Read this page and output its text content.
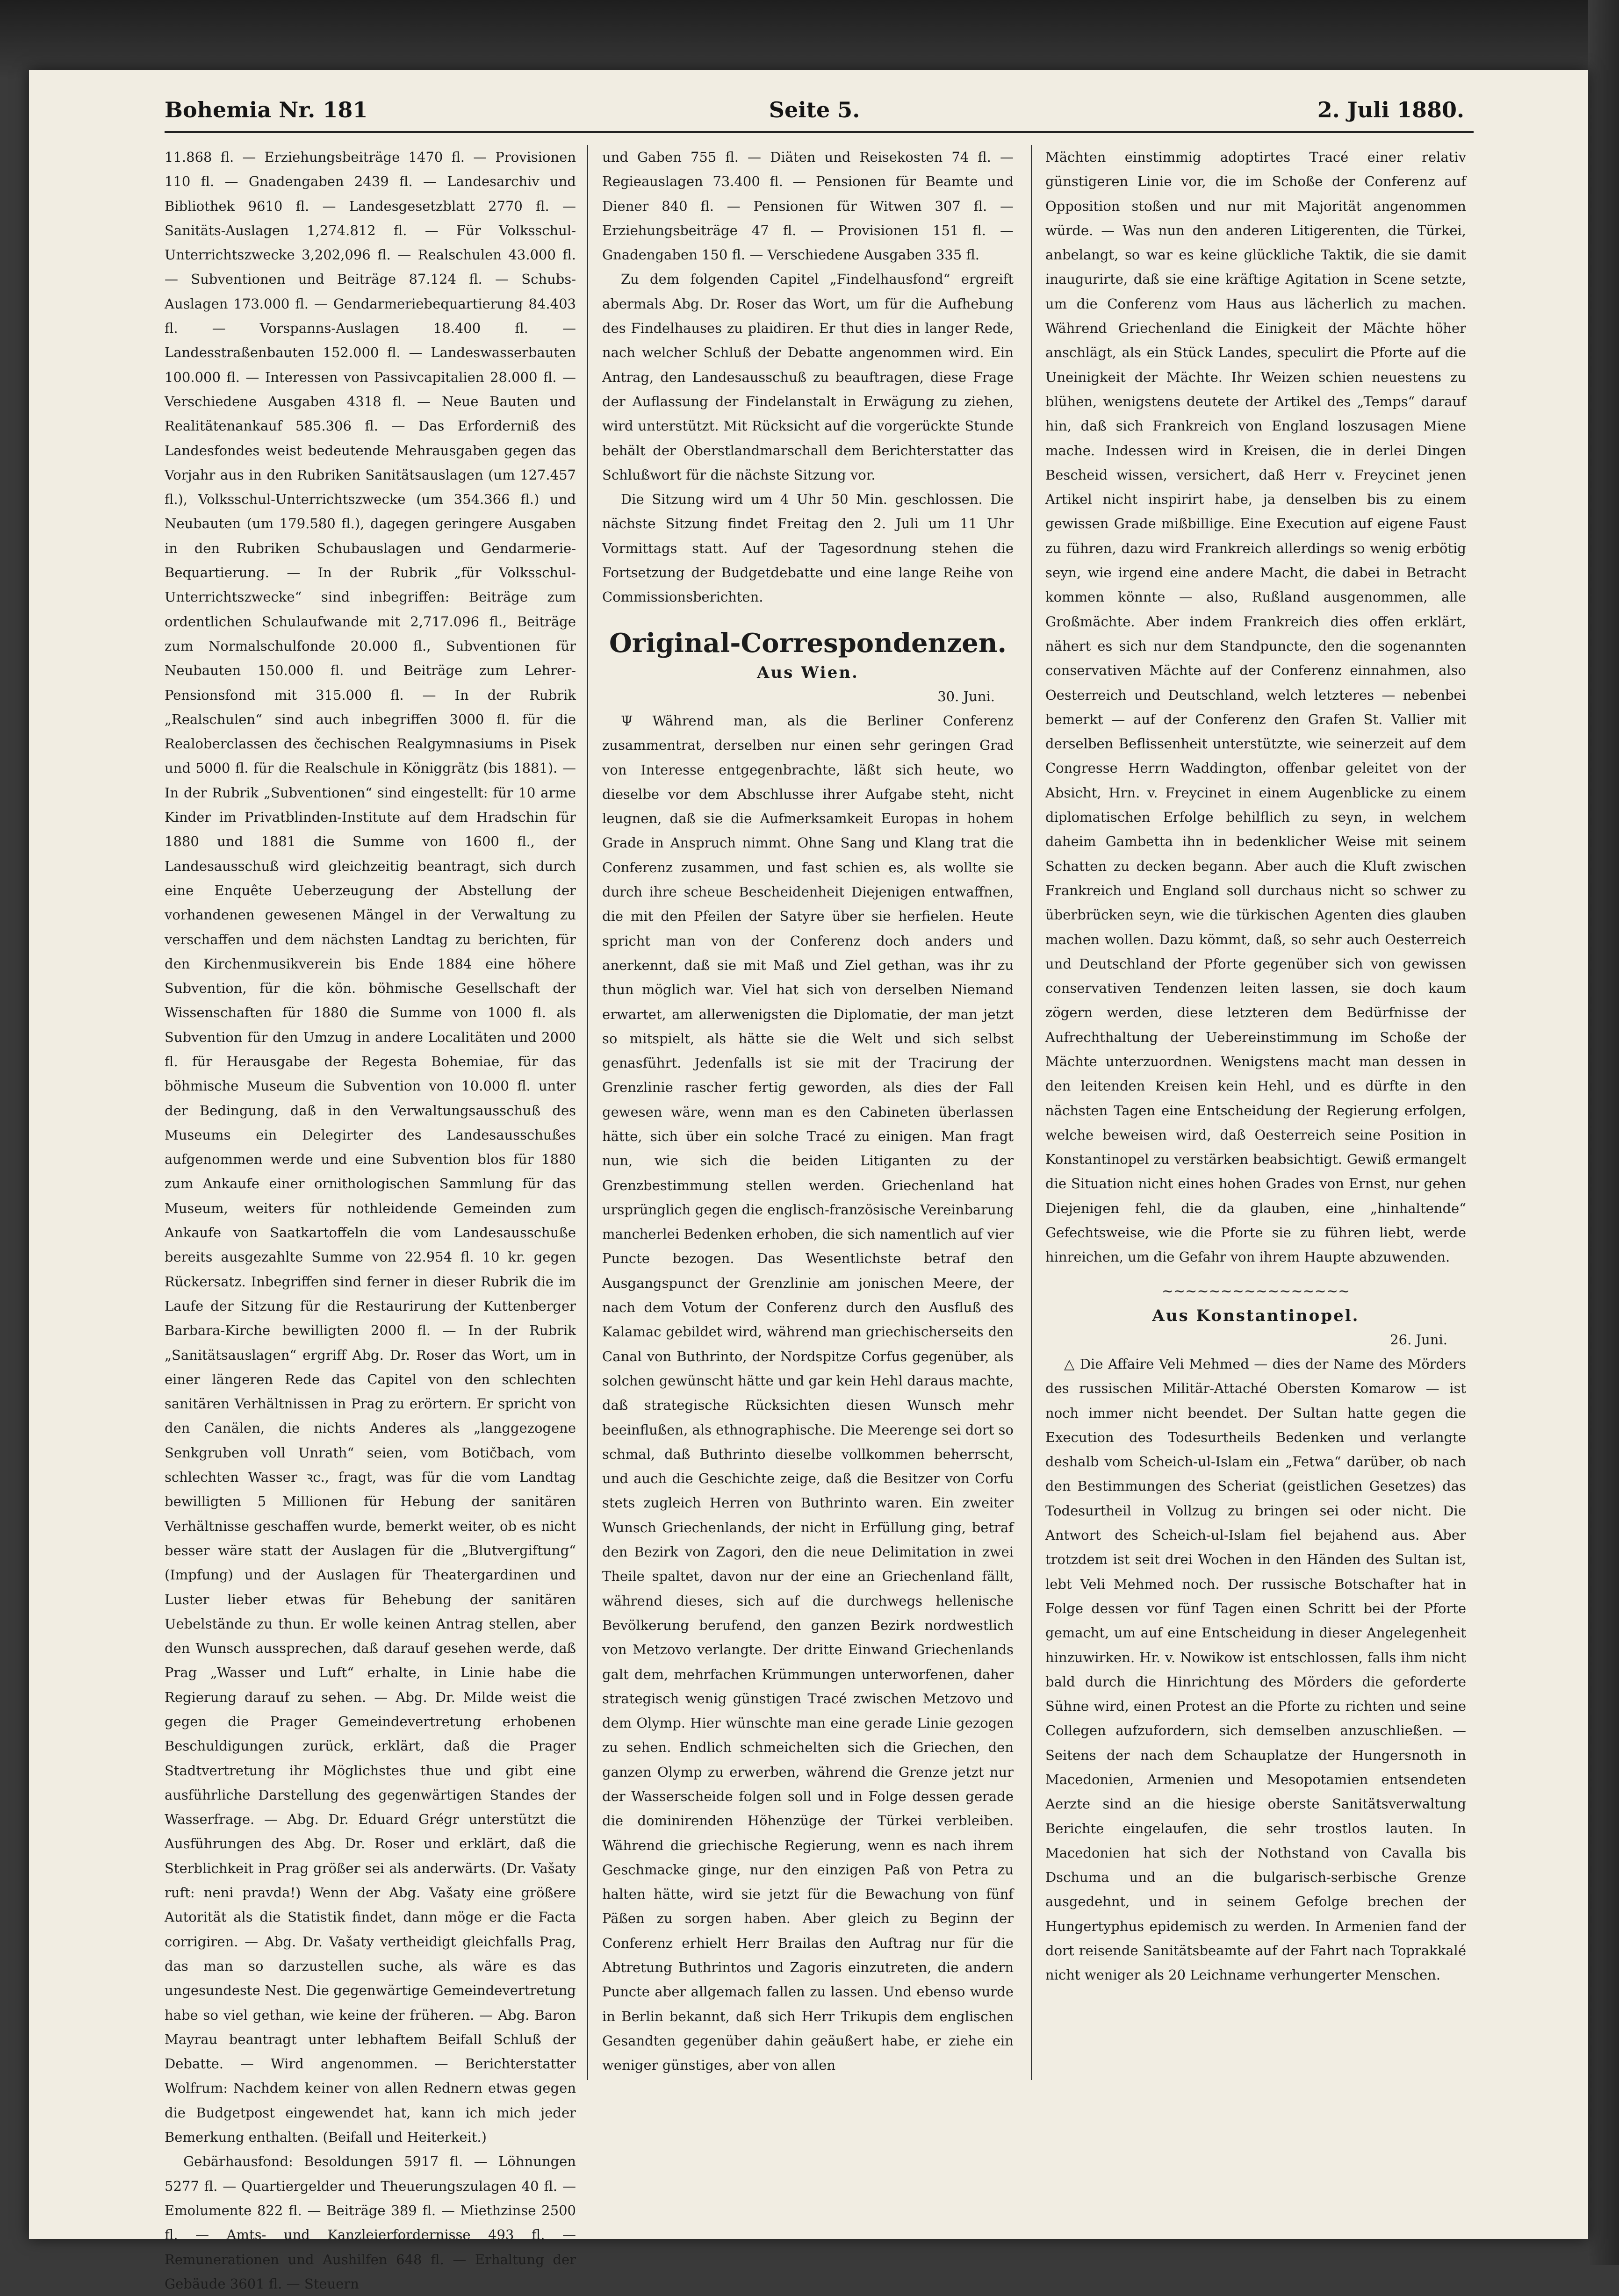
Bohemia Nr. 181	Seite 5.	2. Juli 1880.

11.868 fl. — Erziehungsbeiträge 1470 fl. — Provisionen 110 fl. — Gnadengaben 2439 fl. — Landesarchiv und Bibliothek 9610 fl. — Landesgesetzblatt 2770 fl. — Sanitäts-Auslagen 1,274.812 fl. — Für Volksschul-Unterrichtszwecke 3,202,096 fl. — Realschulen 43.000 fl. — Subventionen und Beiträge 87.124 fl. — Schubs-Auslagen 173.000 fl. — Gendarmeriebequartierung 84.403 fl. — Vorspanns-Auslagen 18.400 fl. — Landesstraßenbauten 152.000 fl. — Landeswasserbauten 100.000 fl. — Interessen von Passivcapitalien 28.000 fl. — Verschiedene Ausgaben 4318 fl. — Neue Bauten und Realitätenankauf 585.306 fl. — Das Erforderniß des Landesfondes weist bedeutende Mehrausgaben gegen das Vorjahr aus in den Rubriken Sanitätsauslagen (um 127.457 fl.), Volksschul-Unterrichtszwecke (um 354.366 fl.) und Neubauten (um 179.580 fl.), dagegen geringere Ausgaben in den Rubriken Schubauslagen und Gendarmerie-Bequartierung. — In der Rubrik „für Volksschul-Unterrichtszwecke“ sind inbegriffen: Beiträge zum ordentlichen Schulaufwande mit 2,717.096 fl., Beiträge zum Normalschulfonde 20.000 fl., Subventionen für Neubauten 150.000 fl. und Beiträge zum Lehrer-Pensionsfond mit 315.000 fl. — In der Rubrik „Realschulen“ sind auch inbegriffen 3000 fl. für die Realoberclassen des čechischen Realgymnasiums in Pisek und 5000 fl. für die Realschule in Königgrätz (bis 1881). — In der Rubrik „Subventionen“ sind eingestellt: für 10 arme Kinder im Privatblinden-Institute auf dem Hradschin für 1880 und 1881 die Summe von 1600 fl., der Landesausschuß wird gleichzeitig beantragt, sich durch eine Enquête Ueberzeugung der Abstellung der vorhandenen gewesenen Mängel in der Verwaltung zu verschaffen und dem nächsten Landtag zu berichten, für den Kirchenmusikverein bis Ende 1884 eine höhere Subvention, für die kön. böhmische Gesellschaft der Wissenschaften für 1880 die Summe von 1000 fl. als Subvention für den Umzug in andere Localitäten und 2000 fl. für Herausgabe der Regesta Bohemiae, für das böhmische Museum die Subvention von 10.000 fl. unter der Bedingung, daß in den Verwaltungsausschuß des Museums ein Delegirter des Landesausschußes aufgenommen werde und eine Subvention blos für 1880 zum Ankaufe einer ornithologischen Sammlung für das Museum, weiters für nothleidende Gemeinden zum Ankaufe von Saatkartoffeln die vom Landesausschuße bereits ausgezahlte Summe von 22.954 fl. 10 kr. gegen Rückersatz. Inbegriffen sind ferner in dieser Rubrik die im Laufe der Sitzung für die Restaurirung der Kuttenberger Barbara-Kirche bewilligten 2000 fl. — In der Rubrik „Sanitätsauslagen“ ergriff Abg. Dr. Roser das Wort, um in einer längeren Rede das Capitel von den schlechten sanitären Verhältnissen in Prag zu erörtern. Er spricht von den Canälen, die nichts Anderes als „langgezogene Senkgruben voll Unrath“ seien, vom Botičbach, vom schlechten Wasser ꝛc., fragt, was für die vom Landtag bewilligten 5 Millionen für Hebung der sanitären Verhältnisse geschaffen wurde, bemerkt weiter, ob es nicht besser wäre statt der Auslagen für die „Blutvergiftung“ (Impfung) und der Auslagen für Theatergardinen und Luster lieber etwas für Behebung der sanitären Uebelstände zu thun. Er wolle keinen Antrag stellen, aber den Wunsch aussprechen, daß darauf gesehen werde, daß Prag „Wasser und Luft“ erhalte, in Linie habe die Regierung darauf zu sehen. — Abg. Dr. Milde weist die gegen die Prager Gemeindevertretung erhobenen Beschuldigungen zurück, erklärt, daß die Prager Stadtvertretung ihr Möglichstes thue und gibt eine ausführliche Darstellung des gegenwärtigen Standes der Wasserfrage. — Abg. Dr. Eduard Grégr unterstützt die Ausführungen des Abg. Dr. Roser und erklärt, daß die Sterblichkeit in Prag größer sei als anderwärts. (Dr. Vašaty ruft: neni pravda!) Wenn der Abg. Vašaty eine größere Autorität als die Statistik findet, dann möge er die Facta corrigiren. — Abg. Dr. Vašaty vertheidigt gleichfalls Prag, das man so darzustellen suche, als wäre es das ungesundeste Nest. Die gegenwärtige Gemeindevertretung habe so viel gethan, wie keine der früheren. — Abg. Baron Mayrau beantragt unter lebhaftem Beifall Schluß der Debatte. — Wird angenommen. — Berichterstatter Wolfrum: Nachdem keiner von allen Rednern etwas gegen die Budgetpost eingewendet hat, kann ich mich jeder Bemerkung enthalten. (Beifall und Heiterkeit.)

Gebärhausfond: Besoldungen 5917 fl. — Löhnungen 5277 fl. — Quartiergelder und Theuerungszulagen 40 fl. — Emolumente 822 fl. — Beiträge 389 fl. — Miethzinse 2500 fl. — Amts- und Kanzleierfordernisse 493 fl. — Remunerationen und Aushilfen 648 fl. — Erhaltung der Gebäude 3601 fl. — Steuern

und Gaben 755 fl. — Diäten und Reisekosten 74 fl. — Regieauslagen 73.400 fl. — Pensionen für Beamte und Diener 840 fl. — Pensionen für Witwen 307 fl. — Erziehungsbeiträge 47 fl. — Provisionen 151 fl. — Gnadengaben 150 fl. — Verschiedene Ausgaben 335 fl.

Zu dem folgenden Capitel „Findelhausfond“ ergreift abermals Abg. Dr. Roser das Wort, um für die Aufhebung des Findelhauses zu plaidiren. Er thut dies in langer Rede, nach welcher Schluß der Debatte angenommen wird. Ein Antrag, den Landesausschuß zu beauftragen, diese Frage der Auflassung der Findelanstalt in Erwägung zu ziehen, wird unterstützt. Mit Rücksicht auf die vorgerückte Stunde behält der Oberstlandmarschall dem Berichterstatter das Schlußwort für die nächste Sitzung vor.

Die Sitzung wird um 4 Uhr 50 Min. geschlossen. Die nächste Sitzung findet Freitag den 2. Juli um 11 Uhr Vormittags statt. Auf der Tagesordnung stehen die Fortsetzung der Budgetdebatte und eine lange Reihe von Commissionsberichten.

Original-Correspondenzen.
Aus Wien.
30. Juni.

Ψ Während man, als die Berliner Conferenz zusammentrat, derselben nur einen sehr geringen Grad von Interesse entgegenbrachte, läßt sich heute, wo dieselbe vor dem Abschlusse ihrer Aufgabe steht, nicht leugnen, daß sie die Aufmerksamkeit Europas in hohem Grade in Anspruch nimmt. Ohne Sang und Klang trat die Conferenz zusammen, und fast schien es, als wollte sie durch ihre scheue Bescheidenheit Diejenigen entwaffnen, die mit den Pfeilen der Satyre über sie herfielen. Heute spricht man von der Conferenz doch anders und anerkennt, daß sie mit Maß und Ziel gethan, was ihr zu thun möglich war. Viel hat sich von derselben Niemand erwartet, am allerwenigsten die Diplomatie, der man jetzt so mitspielt, als hätte sie die Welt und sich selbst genasführt. Jedenfalls ist sie mit der Tracirung der Grenzlinie rascher fertig geworden, als dies der Fall gewesen wäre, wenn man es den Cabineten überlassen hätte, sich über ein solche Tracé zu einigen. Man fragt nun, wie sich die beiden Litiganten zu der Grenzbestimmung stellen werden. Griechenland hat ursprünglich gegen die englisch-französische Vereinbarung mancherlei Bedenken erhoben, die sich namentlich auf vier Puncte bezogen. Das Wesentlichste betraf den Ausgangspunct der Grenzlinie am jonischen Meere, der nach dem Votum der Conferenz durch den Ausfluß des Kalamac gebildet wird, während man griechischerseits den Canal von Buthrinto, der Nordspitze Corfus gegenüber, als solchen gewünscht hätte und gar kein Hehl daraus machte, daß strategische Rücksichten diesen Wunsch mehr beeinflußen, als ethnographische. Die Meerenge sei dort so schmal, daß Buthrinto dieselbe vollkommen beherrscht, und auch die Geschichte zeige, daß die Besitzer von Corfu stets zugleich Herren von Buthrinto waren. Ein zweiter Wunsch Griechenlands, der nicht in Erfüllung ging, betraf den Bezirk von Zagori, den die neue Delimitation in zwei Theile spaltet, davon nur der eine an Griechenland fällt, während dieses, sich auf die durchwegs hellenische Bevölkerung berufend, den ganzen Bezirk nordwestlich von Metzovo verlangte. Der dritte Einwand Griechenlands galt dem, mehrfachen Krümmungen unterworfenen, daher strategisch wenig günstigen Tracé zwischen Metzovo und dem Olymp. Hier wünschte man eine gerade Linie gezogen zu sehen. Endlich schmeichelten sich die Griechen, den ganzen Olymp zu erwerben, während die Grenze jetzt nur der Wasserscheide folgen soll und in Folge dessen gerade die dominirenden Höhenzüge der Türkei verbleiben. Während die griechische Regierung, wenn es nach ihrem Geschmacke ginge, nur den einzigen Paß von Petra zu halten hätte, wird sie jetzt für die Bewachung von fünf Päßen zu sorgen haben. Aber gleich zu Beginn der Conferenz erhielt Herr Brailas den Auftrag nur für die Abtretung Buthrintos und Zagoris einzutreten, die andern Puncte aber allgemach fallen zu lassen. Und ebenso wurde in Berlin bekannt, daß sich Herr Trikupis dem englischen Gesandten gegenüber dahin geäußert habe, er ziehe ein weniger günstiges, aber von allen

Mächten einstimmig adoptirtes Tracé einer relativ günstigeren Linie vor, die im Schoße der Conferenz auf Opposition stoßen und nur mit Majorität angenommen würde. — Was nun den anderen Litigerenten, die Türkei, anbelangt, so war es keine glückliche Taktik, die sie damit inaugurirte, daß sie eine kräftige Agitation in Scene setzte, um die Conferenz vom Haus aus lächerlich zu machen. Während Griechenland die Einigkeit der Mächte höher anschlägt, als ein Stück Landes, speculirt die Pforte auf die Uneinigkeit der Mächte. Ihr Weizen schien neuestens zu blühen, wenigstens deutete der Artikel des „Temps“ darauf hin, daß sich Frankreich von England loszusagen Miene mache. Indessen wird in Kreisen, die in derlei Dingen Bescheid wissen, versichert, daß Herr v. Freycinet jenen Artikel nicht inspirirt habe, ja denselben bis zu einem gewissen Grade mißbillige. Eine Execution auf eigene Faust zu führen, dazu wird Frankreich allerdings so wenig erbötig seyn, wie irgend eine andere Macht, die dabei in Betracht kommen könnte — also, Rußland ausgenommen, alle Großmächte. Aber indem Frankreich dies offen erklärt, nähert es sich nur dem Standpuncte, den die sogenannten conservativen Mächte auf der Conferenz einnahmen, also Oesterreich und Deutschland, welch letzteres — nebenbei bemerkt — auf der Conferenz den Grafen St. Vallier mit derselben Beflissenheit unterstützte, wie seinerzeit auf dem Congresse Herrn Waddington, offenbar geleitet von der Absicht, Hrn. v. Freycinet in einem Augenblicke zu einem diplomatischen Erfolge behilflich zu seyn, in welchem daheim Gambetta ihn in bedenklicher Weise mit seinem Schatten zu decken begann. Aber auch die Kluft zwischen Frankreich und England soll durchaus nicht so schwer zu überbrücken seyn, wie die türkischen Agenten dies glauben machen wollen. Dazu kömmt, daß, so sehr auch Oesterreich und Deutschland der Pforte gegenüber sich von gewissen conservativen Tendenzen leiten lassen, sie doch kaum zögern werden, diese letzteren dem Bedürfnisse der Aufrechthaltung der Uebereinstimmung im Schoße der Mächte unterzuordnen. Wenigstens macht man dessen in den leitenden Kreisen kein Hehl, und es dürfte in den nächsten Tagen eine Entscheidung der Regierung erfolgen, welche beweisen wird, daß Oesterreich seine Position in Konstantinopel zu verstärken beabsichtigt. Gewiß ermangelt die Situation nicht eines hohen Grades von Ernst, nur gehen Diejenigen fehl, die da glauben, eine „hinhaltende“ Gefechtsweise, wie die Pforte sie zu führen liebt, werde hinreichen, um die Gefahr von ihrem Haupte abzuwenden.

~~~~~~~~~~~~~~~~
Aus Konstantinopel.
26. Juni.

△ Die Affaire Veli Mehmed — dies der Name des Mörders des russischen Militär-Attaché Obersten Komarow — ist noch immer nicht beendet. Der Sultan hatte gegen die Execution des Todesurtheils Bedenken und verlangte deshalb vom Scheich-ul-Islam ein „Fetwa“ darüber, ob nach den Bestimmungen des Scheriat (geistlichen Gesetzes) das Todesurtheil in Vollzug zu bringen sei oder nicht. Die Antwort des Scheich-ul-Islam fiel bejahend aus. Aber trotzdem ist seit drei Wochen in den Händen des Sultan ist, lebt Veli Mehmed noch. Der russische Botschafter hat in Folge dessen vor fünf Tagen einen Schritt bei der Pforte gemacht, um auf eine Entscheidung in dieser Angelegenheit hinzuwirken. Hr. v. Nowikow ist entschlossen, falls ihm nicht bald durch die Hinrichtung des Mörders die geforderte Sühne wird, einen Protest an die Pforte zu richten und seine Collegen aufzufordern, sich demselben anzuschließen. — Seitens der nach dem Schauplatze der Hungersnoth in Macedonien, Armenien und Mesopotamien entsendeten Aerzte sind an die hiesige oberste Sanitätsverwaltung Berichte eingelaufen, die sehr trostlos lauten. In Macedonien hat sich der Nothstand von Cavalla bis Dschuma und an die bulgarisch-serbische Grenze ausgedehnt, und in seinem Gefolge brechen der Hungertyphus epidemisch zu werden. In Armenien fand der dort reisende Sanitätsbeamte auf der Fahrt nach Toprakkalé nicht weniger als 20 Leichname verhungerter Menschen.
